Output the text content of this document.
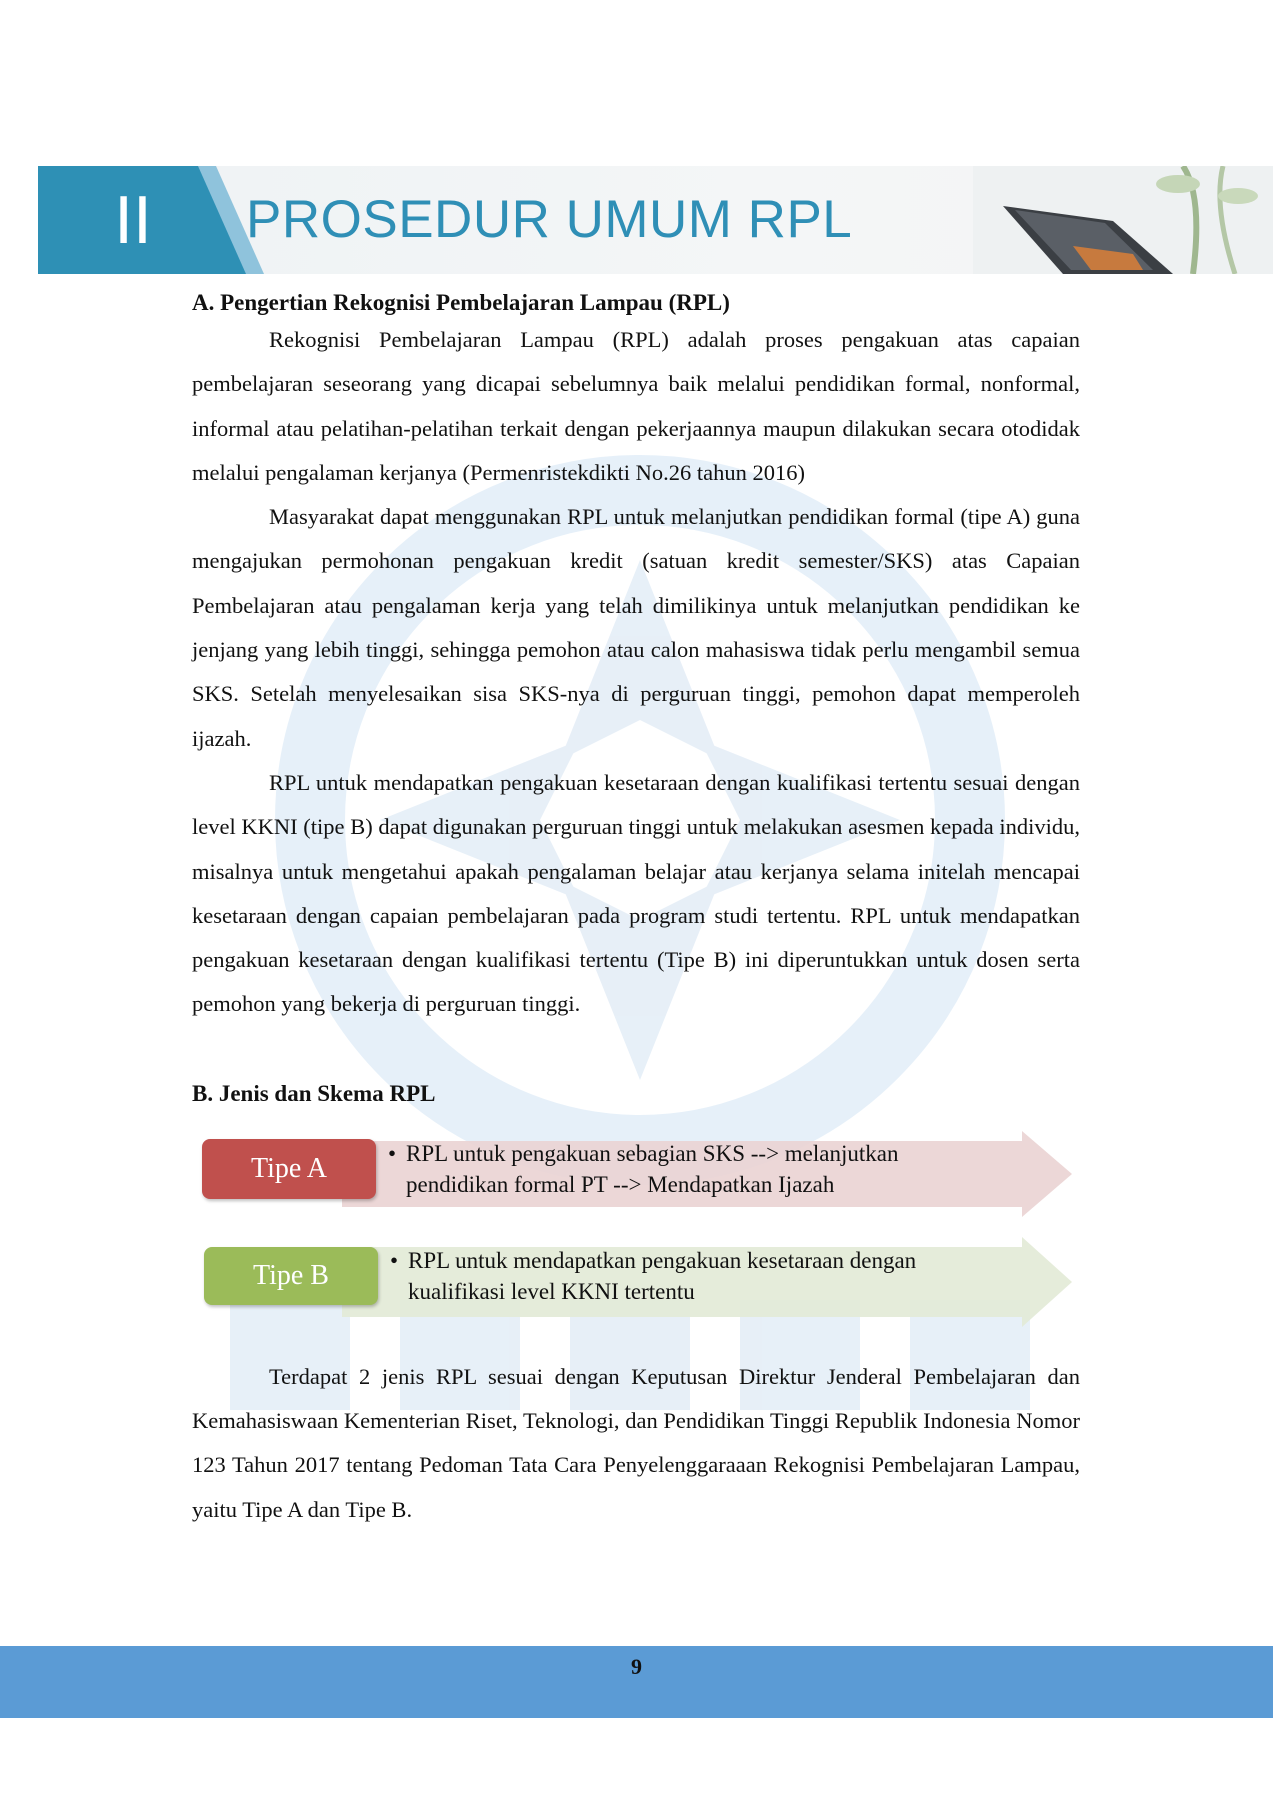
II	PROSEDUR UMUM RPL

A. Pengertian Rekognisi Pembelajaran Lampau (RPL)

Rekognisi Pembelajaran Lampau (RPL) adalah proses pengakuan atas capaian pembelajaran seseorang yang dicapai sebelumnya baik melalui pendidikan formal, nonformal, informal atau pelatihan-pelatihan terkait dengan pekerjaannya maupun dilakukan secara otodidak melalui pengalaman kerjanya (Permenristekdikti No.26 tahun 2016)

Masyarakat dapat menggunakan RPL untuk melanjutkan pendidikan formal (tipe A) guna mengajukan permohonan pengakuan kredit (satuan kredit semester/SKS) atas Capaian Pembelajaran atau pengalaman kerja yang telah dimilikinya untuk melanjutkan pendidikan ke jenjang yang lebih tinggi, sehingga pemohon atau calon mahasiswa tidak perlu mengambil semua SKS. Setelah menyelesaikan sisa SKS-nya di perguruan tinggi, pemohon dapat memperoleh ijazah.

RPL untuk mendapatkan pengakuan kesetaraan dengan kualifikasi tertentu sesuai dengan level KKNI (tipe B) dapat digunakan perguruan tinggi untuk melakukan asesmen kepada individu, misalnya untuk mengetahui apakah pengalaman belajar atau kerjanya selama initelah mencapai kesetaraan dengan capaian pembelajaran pada program studi tertentu. RPL untuk mendapatkan pengakuan kesetaraan dengan kualifikasi tertentu (Tipe B) ini diperuntukkan untuk dosen serta pemohon yang bekerja di perguruan tinggi.

B. Jenis dan Skema RPL

Tipe A	• RPL untuk pengakuan sebagian SKS --> melanjutkan pendidikan formal PT --> Mendapatkan Ijazah
Tipe B	• RPL untuk mendapatkan pengakuan kesetaraan dengan kualifikasi level KKNI tertentu

Terdapat 2 jenis RPL sesuai dengan Keputusan Direktur Jenderal Pembelajaran dan Kemahasiswaan Kementerian Riset, Teknologi, dan Pendidikan Tinggi Republik Indonesia Nomor 123 Tahun 2017 tentang Pedoman Tata Cara Penyelenggaraaan Rekognisi Pembelajaran Lampau, yaitu Tipe A dan Tipe B.

9
